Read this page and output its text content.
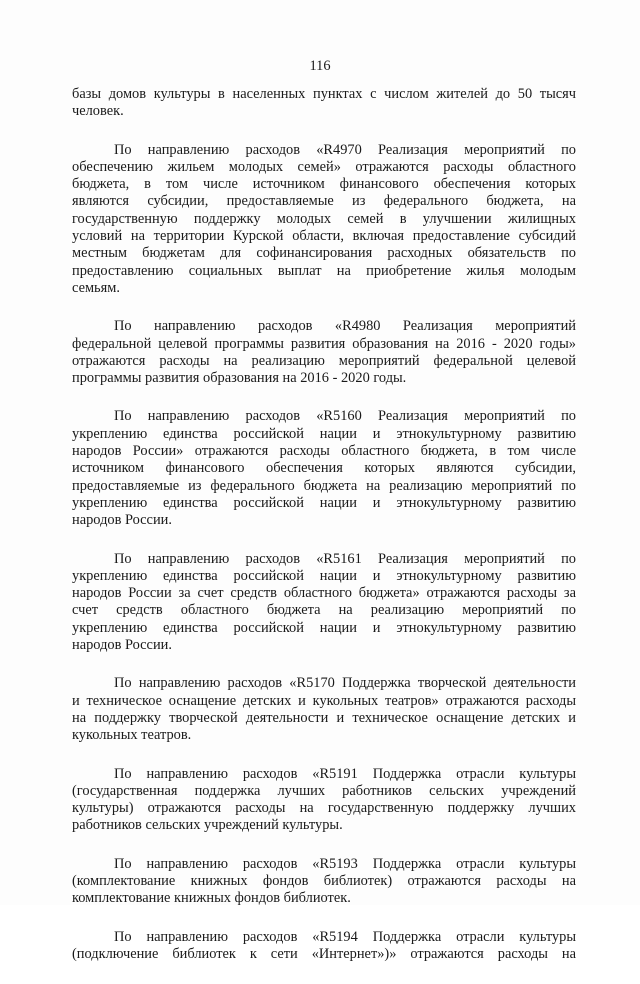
116
базы домов культуры в населенных пунктах с числом жителей до 50 тысяч
человек.
По направлению расходов «R4970 Реализация мероприятий по
обеспечению жильем молодых семей» отражаются расходы областного
бюджета, в том числе источником финансового обеспечения которых
являются субсидии, предоставляемые из федерального бюджета, на
государственную поддержку молодых семей в улучшении жилищных
условий на территории Курской области, включая предоставление субсидий
местным бюджетам для софинансирования расходных обязательств по
предоставлению социальных выплат на приобретение жилья молодым
семьям.
По направлению расходов «R4980 Реализация мероприятий
федеральной целевой программы развития образования на 2016 - 2020 годы»
отражаются расходы на реализацию мероприятий федеральной целевой
программы развития образования на 2016 - 2020 годы.
По направлению расходов «R5160 Реализация мероприятий по
укреплению единства российской нации и этнокультурному развитию
народов России» отражаются расходы областного бюджета, в том числе
источником финансового обеспечения которых являются субсидии,
предоставляемые из федерального бюджета на реализацию мероприятий по
укреплению единства российской нации и этнокультурному развитию
народов России.
По направлению расходов «R5161 Реализация мероприятий по
укреплению единства российской нации и этнокультурному развитию
народов России за счет средств областного бюджета» отражаются расходы за
счет средств областного бюджета на реализацию мероприятий по
укреплению единства российской нации и этнокультурному развитию
народов России.
По направлению расходов «R5170 Поддержка творческой деятельности
и техническое оснащение детских и кукольных театров» отражаются расходы
на поддержку творческой деятельности и техническое оснащение детских и
кукольных театров.
По направлению расходов «R5191 Поддержка отрасли культуры
(государственная поддержка лучших работников сельских учреждений
культуры) отражаются расходы на государственную поддержку лучших
работников сельских учреждений культуры.
По направлению расходов «R5193 Поддержка отрасли культуры
(комплектование книжных фондов библиотек) отражаются расходы на
комплектование книжных фондов библиотек.
По направлению расходов «R5194 Поддержка отрасли культуры
(подключение библиотек к сети «Интернет»)» отражаются расходы на
